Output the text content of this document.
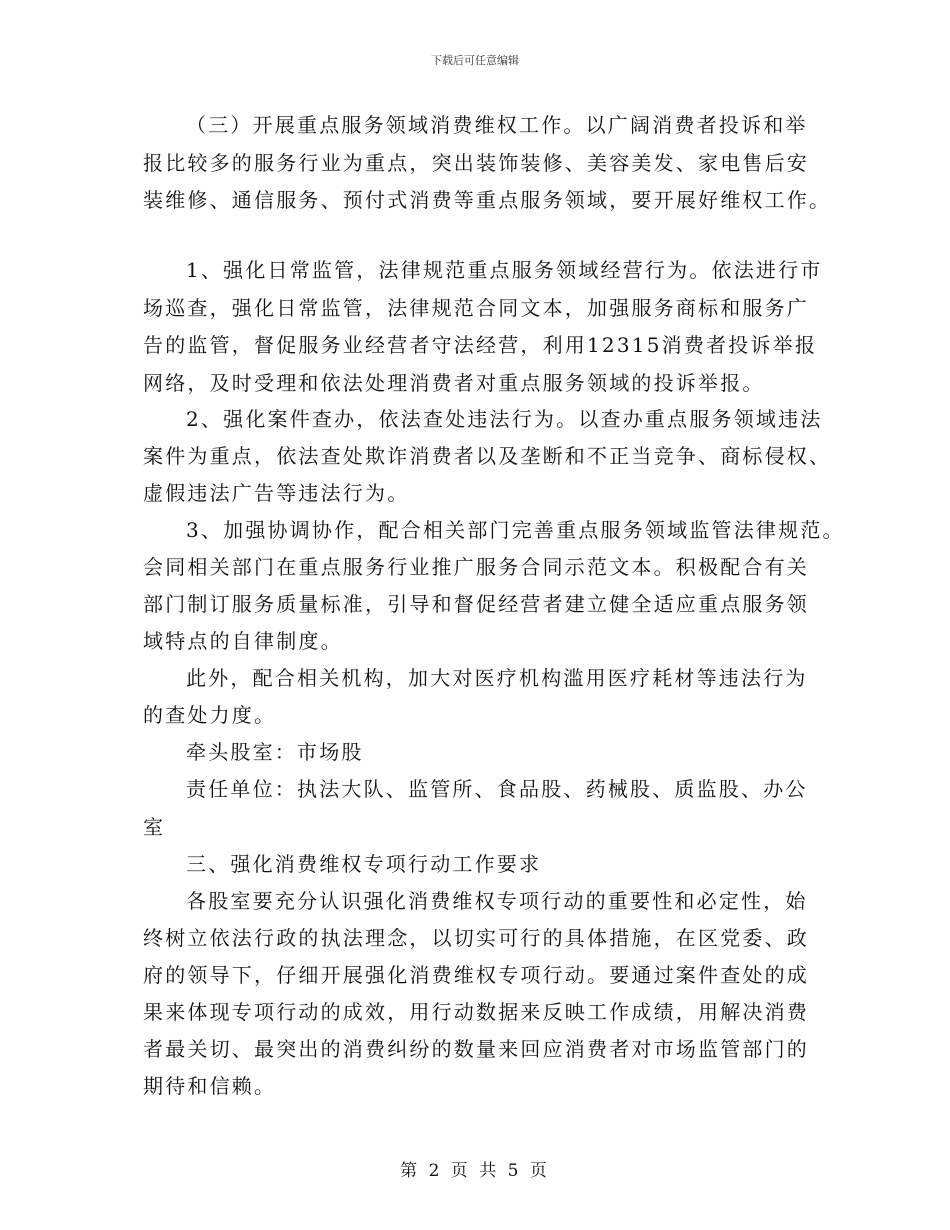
下载后可任意编辑
（三）开展重点服务领域消费维权工作。以广阔消费者投诉和举
报比较多的服务行业为重点，突出装饰装修、美容美发、家电售后安
装维修、通信服务、预付式消费等重点服务领域，要开展好维权工作。
1、强化日常监管，法律规范重点服务领域经营行为。依法进行市
场巡查，强化日常监管，法律规范合同文本，加强服务商标和服务广
告的监管，督促服务业经营者守法经营，利用12315消费者投诉举报
网络，及时受理和依法处理消费者对重点服务领域的投诉举报。
2、强化案件查办，依法查处违法行为。以查办重点服务领域违法
案件为重点，依法查处欺诈消费者以及垄断和不正当竞争、商标侵权、
虚假违法广告等违法行为。
3、加强协调协作，配合相关部门完善重点服务领域监管法律规范。
会同相关部门在重点服务行业推广服务合同示范文本。积极配合有关
部门制订服务质量标准，引导和督促经营者建立健全适应重点服务领
域特点的自律制度。
此外，配合相关机构，加大对医疗机构滥用医疗耗材等违法行为
的查处力度。
牵头股室：市场股
责任单位：执法大队、监管所、食品股、药械股、质监股、办公
室
三、强化消费维权专项行动工作要求
各股室要充分认识强化消费维权专项行动的重要性和必定性，始
终树立依法行政的执法理念，以切实可行的具体措施，在区党委、政
府的领导下，仔细开展强化消费维权专项行动。要通过案件查处的成
果来体现专项行动的成效，用行动数据来反映工作成绩，用解决消费
者最关切、最突出的消费纠纷的数量来回应消费者对市场监管部门的
期待和信赖。
第 2 页 共 5 页
